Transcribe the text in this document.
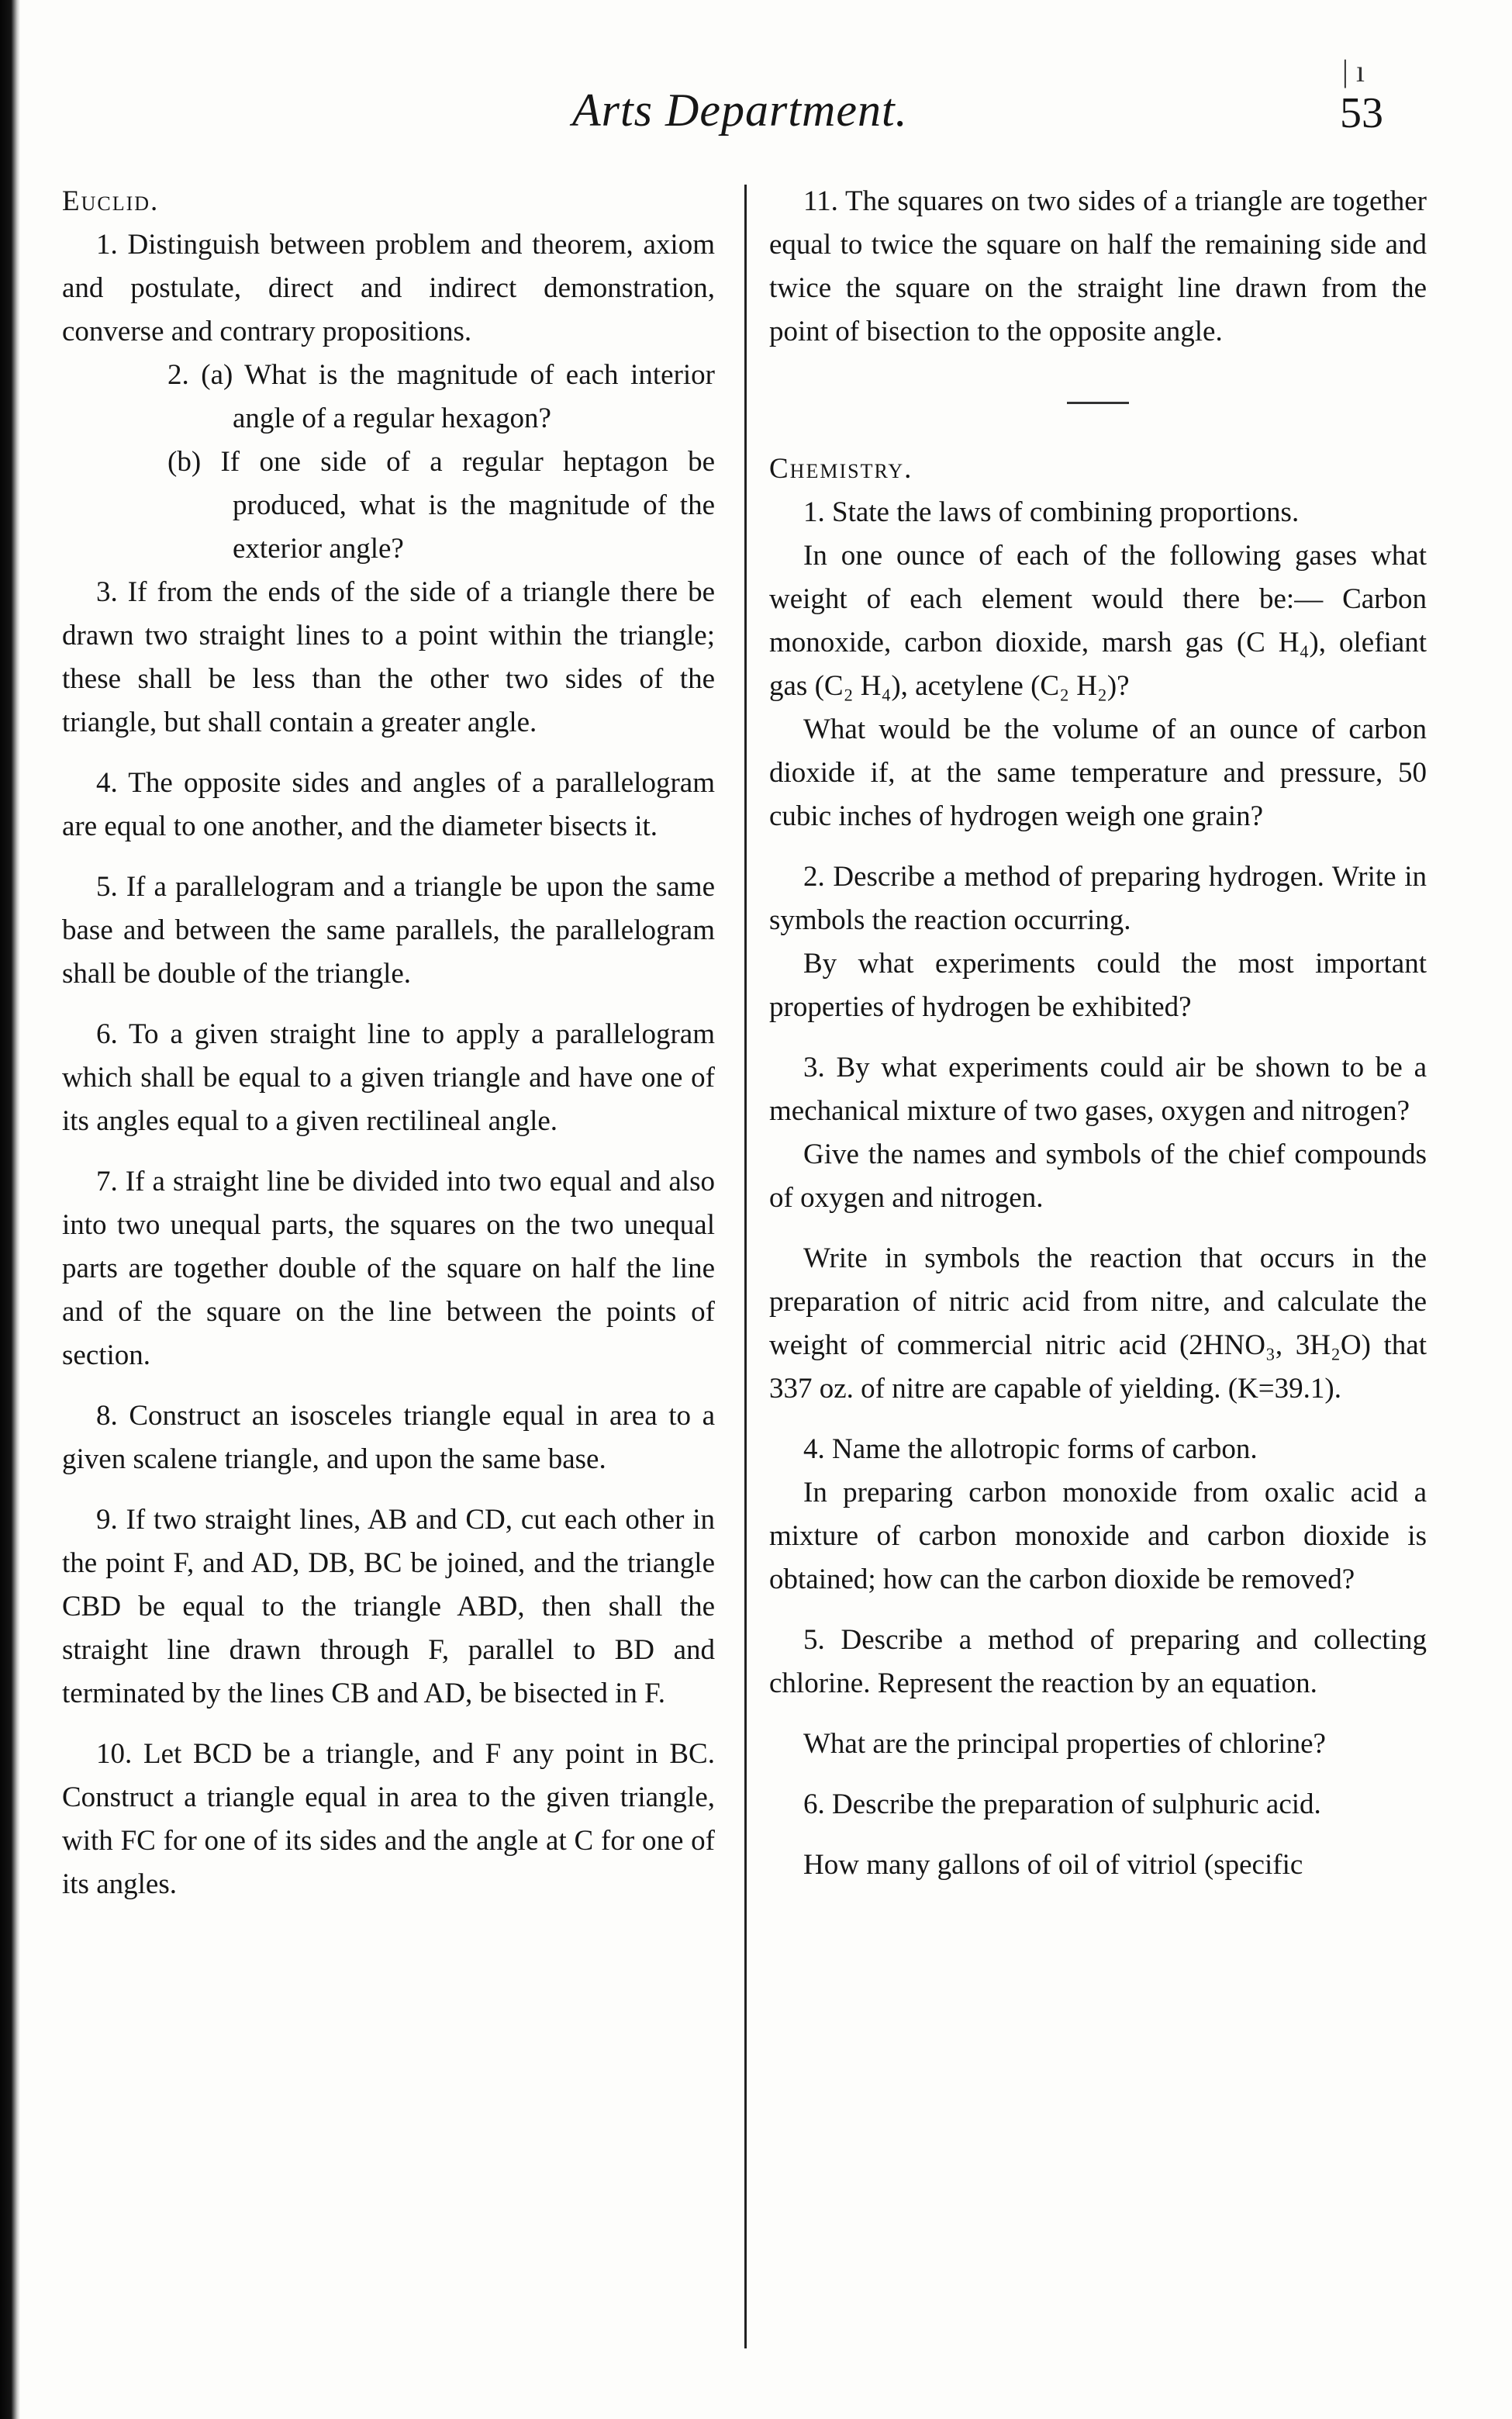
| ı
Arts Department.	53
Euclid.

1. Distinguish between problem and theorem, axiom and postulate, direct and indirect demonstration, converse and contrary propositions.

2. (a) What is the magnitude of each interior angle of a regular hexagon?

(b) If one side of a regular heptagon be produced, what is the magnitude of the exterior angle?

3. If from the ends of the side of a triangle there be drawn two straight lines to a point within the triangle; these shall be less than the other two sides of the triangle, but shall contain a greater angle.

4. The opposite sides and angles of a parallelogram are equal to one another, and the diameter bisects it.

5. If a parallelogram and a triangle be upon the same base and between the same parallels, the parallelogram shall be double of the triangle.

6. To a given straight line to apply a parallelogram which shall be equal to a given triangle and have one of its angles equal to a given rectilineal angle.

7. If a straight line be divided into two equal and also into two unequal parts, the squares on the two unequal parts are together double of the square on half the line and of the square on the line between the points of section.

8. Construct an isosceles triangle equal in area to a given scalene triangle, and upon the same base.

9. If two straight lines, AB and CD, cut each other in the point F, and AD, DB, BC be joined, and the triangle CBD be equal to the triangle ABD, then shall the straight line drawn through F, parallel to BD and terminated by the lines CB and AD, be bisected in F.

10. Let BCD be a triangle, and F any point in BC. Construct a triangle equal in area to the given triangle, with FC for one of its sides and the angle at C for one of its angles.

11. The squares on two sides of a triangle are together equal to twice the square on half the remaining side and twice the square on the straight line drawn from the point of bisection to the opposite angle.

Chemistry.

1. State the laws of combining proportions.

In one ounce of each of the following gases what weight of each element would there be:— Carbon monoxide, carbon dioxide, marsh gas (C H₄), olefiant gas (C₂ H₄), acetylene (C₂ H₂)?

What would be the volume of an ounce of carbon dioxide if, at the same temperature and pressure, 50 cubic inches of hydrogen weigh one grain?

2. Describe a method of preparing hydrogen. Write in symbols the reaction occurring.

By what experiments could the most important properties of hydrogen be exhibited?

3. By what experiments could air be shown to be a mechanical mixture of two gases, oxygen and nitrogen?

Give the names and symbols of the chief compounds of oxygen and nitrogen.

Write in symbols the reaction that occurs in the preparation of nitric acid from nitre, and calculate the weight of commercial nitric acid (2HNO₃, 3H₂O) that 337 oz. of nitre are capable of yielding. (K=39.1).

4. Name the allotropic forms of carbon.

In preparing carbon monoxide from oxalic acid a mixture of carbon monoxide and carbon dioxide is obtained; how can the carbon dioxide be removed?

5. Describe a method of preparing and collecting chlorine. Represent the reaction by an equation.

What are the principal properties of chlorine?

6. Describe the preparation of sulphuric acid.

How many gallons of oil of vitriol (specific
